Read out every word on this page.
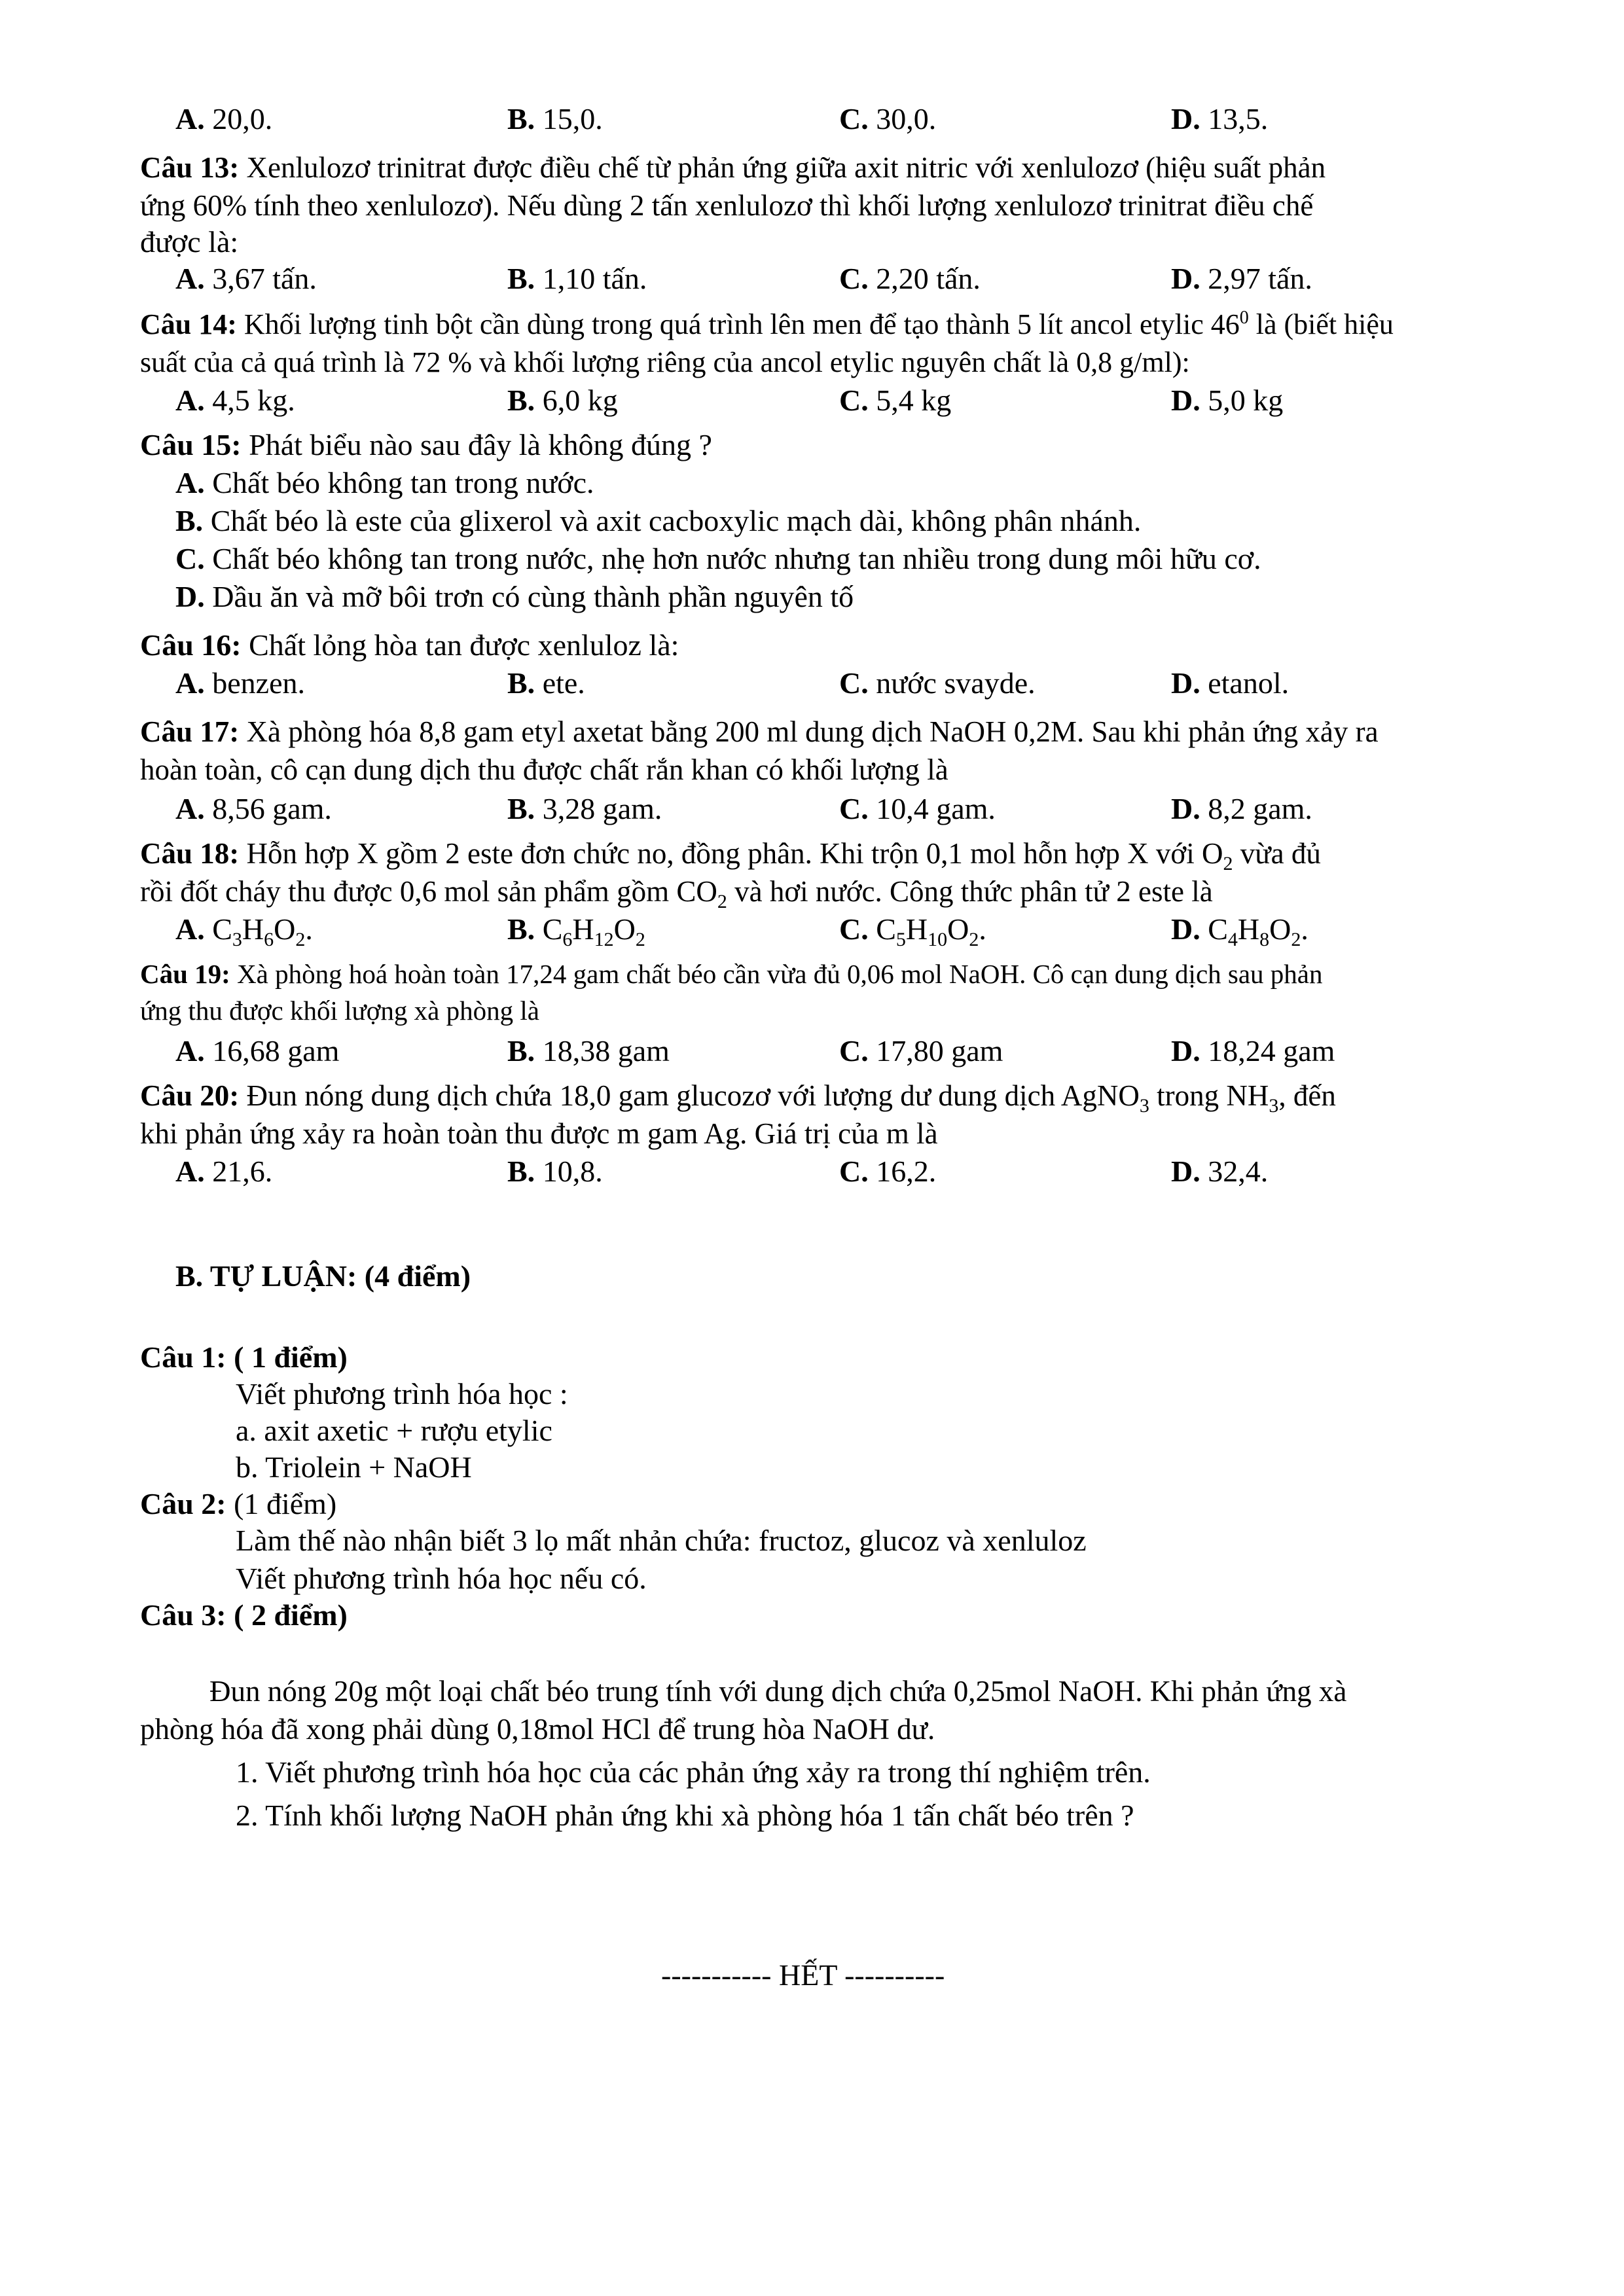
A. 20,0.	B. 15,0.	C. 30,0.	D. 13,5.
Câu 13: Xenlulozơ trinitrat được điều chế từ phản ứng giữa axit nitric với xenlulozơ (hiệu suất phản
ứng 60% tính theo xenlulozơ). Nếu dùng 2 tấn xenlulozơ thì khối lượng xenlulozơ trinitrat điều chế
được là:
A. 3,67 tấn.	B. 1,10 tấn.	C. 2,20 tấn.	D. 2,97 tấn.
Câu 14: Khối lượng tinh bột cần dùng trong quá trình lên men để tạo thành 5 lít ancol etylic $46^0$ là (biết hiệu
suất của cả quá trình là 72 % và khối lượng riêng của ancol etylic nguyên chất là 0,8 g/ml):
A. 4,5 kg.	B. 6,0 kg	C. 5,4 kg	D. 5,0 kg
Câu 15: Phát biểu nào sau đây là không đúng ?
A. Chất béo không tan trong nước.
B. Chất béo là este của glixerol và axit cacboxylic mạch dài, không phân nhánh.
C. Chất béo không tan trong nước, nhẹ hơn nước nhưng tan nhiều trong dung môi hữu cơ.
D. Dầu ăn và mỡ bôi trơn có cùng thành phần nguyên tố
Câu 16: Chất lỏng hòa tan được xenluloz là:
A. benzen.	B. ete.	C. nước svayde.	D. etanol.
Câu 17: Xà phòng hóa 8,8 gam etyl axetat bằng 200 ml dung dịch NaOH 0,2M. Sau khi phản ứng xảy ra
hoàn toàn, cô cạn dung dịch thu được chất rắn khan có khối lượng là
A. 8,56 gam.	B. 3,28 gam.	C. 10,4 gam.	D. 8,2 gam.
Câu 18: Hỗn hợp X gồm 2 este đơn chức no, đồng phân. Khi trộn 0,1 mol hỗn hợp X với $O_2$ vừa đủ
rồi đốt cháy thu được 0,6 mol sản phẩm gồm $CO_2$ và hơi nước. Công thức phân tử 2 este là
A. $C_3H_6O_2$.	B. $C_6H_{12}O_2$	C. $C_5H_{10}O_2$.	D. $C_4H_8O_2$.
Câu 19: Xà phòng hoá hoàn toàn 17,24 gam chất béo cần vừa đủ 0,06 mol NaOH. Cô cạn dung dịch sau phản
ứng thu được khối lượng xà phòng là
A. 16,68 gam	B. 18,38 gam	C. 17,80 gam	D. 18,24 gam
Câu 20: Đun nóng dung dịch chứa 18,0 gam glucozơ với lượng dư dung dịch AgNO$_3$ trong $NH_3$, đến
khi phản ứng xảy ra hoàn toàn thu được m gam Ag. Giá trị của m là
A. 21,6.	B. 10,8.	C. 16,2.	D. 32,4.
B. TỰ LUẬN: (4 điểm)
Câu 1: ( 1 điểm)
Viết phương trình hóa học :
a. axit axetic + rượu etylic
b. Triolein + NaOH
Câu 2: (1 điểm)
Làm thế nào nhận biết 3 lọ mất nhản chứa: fructoz, glucoz và xenluloz
Viết phương trình hóa học nếu có.
Câu 3: ( 2 điểm)
Đun nóng 20g một loại chất béo trung tính với dung dịch chứa 0,25mol NaOH. Khi phản ứng xà
phòng hóa đã xong phải dùng 0,18mol HCl để trung hòa NaOH dư.
1. Viết phương trình hóa học của các phản ứng xảy ra trong thí nghiệm trên.
2. Tính khối lượng NaOH phản ứng khi xà phòng hóa 1 tấn chất béo trên ?
----------- HẾT ----------
